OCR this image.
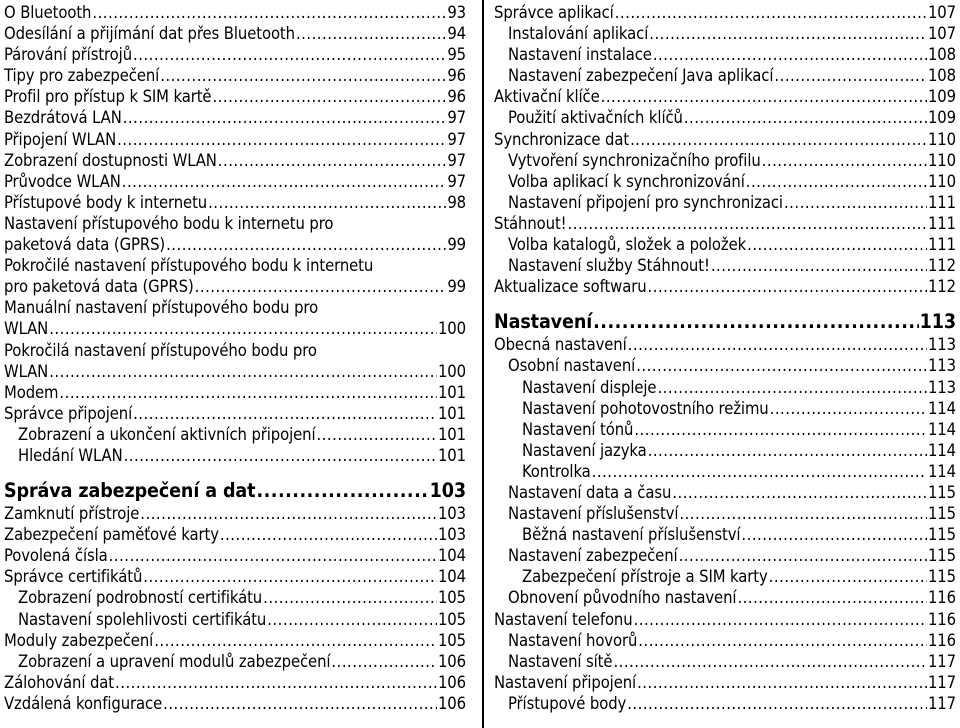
O Bluetooth .....	93
Odesílání a přijímání dat přes Bluetooth .....	94
Párování přístrojů .....	95
Tipy pro zabezpečení .....	96
Profil pro přístup k SIM kartě .....	96
Bezdrátová LAN .....	97
Připojení WLAN .....	97
Zobrazení dostupnosti WLAN .....	97
Průvodce WLAN .....	97
Přístupové body k internetu .....	98
Nastavení přístupového bodu k internetu pro
paketová data (GPRS) .....	99
Pokročilé nastavení přístupového bodu k internetu
pro paketová data (GPRS) .....	99
Manuální nastavení přístupového bodu pro
WLAN .....	100
Pokročilá nastavení přístupového bodu pro
WLAN .....	100
Modem .....	101
Správce připojení .....	101
Zobrazení a ukončení aktivních připojení .....	101
Hledání WLAN .....	101
Správa zabezpečení a dat .....	103
Zamknutí přístroje .....	103
Zabezpečení paměťové karty .....	103
Povolená čísla .....	104
Správce certifikátů .....	104
Zobrazení podrobností certifikátu .....	105
Nastavení spolehlivosti certifikátu .....	105
Moduly zabezpečení .....	105
Zobrazení a upravení modulů zabezpečení .....	106
Zálohování dat .....	106
Vzdálená konfigurace .....	106
Správce aplikací .....	107
Instalování aplikací .....	107
Nastavení instalace .....	108
Nastavení zabezpečení Java aplikací .....	108
Aktivační klíče .....	109
Použití aktivačních klíčů .....	109
Synchronizace dat .....	110
Vytvoření synchronizačního profilu .....	110
Volba aplikací k synchronizování .....	110
Nastavení připojení pro synchronizaci .....	111
Stáhnout! .....	111
Volba katalogů, složek a položek .....	111
Nastavení služby Stáhnout! .....	112
Aktualizace softwaru .....	112
Nastavení .....	113
Obecná nastavení .....	113
Osobní nastavení .....	113
Nastavení displeje .....	113
Nastavení pohotovostního režimu .....	114
Nastavení tónů .....	114
Nastavení jazyka .....	114
Kontrolka .....	114
Nastavení data a času .....	115
Nastavení příslušenství .....	115
Běžná nastavení příslušenství .....	115
Nastavení zabezpečení .....	115
Zabezpečení přístroje a SIM karty .....	115
Obnovení původního nastavení .....	116
Nastavení telefonu .....	116
Nastavení hovorů .....	116
Nastavení sítě .....	117
Nastavení připojení .....	117
Přístupové body .....	117
